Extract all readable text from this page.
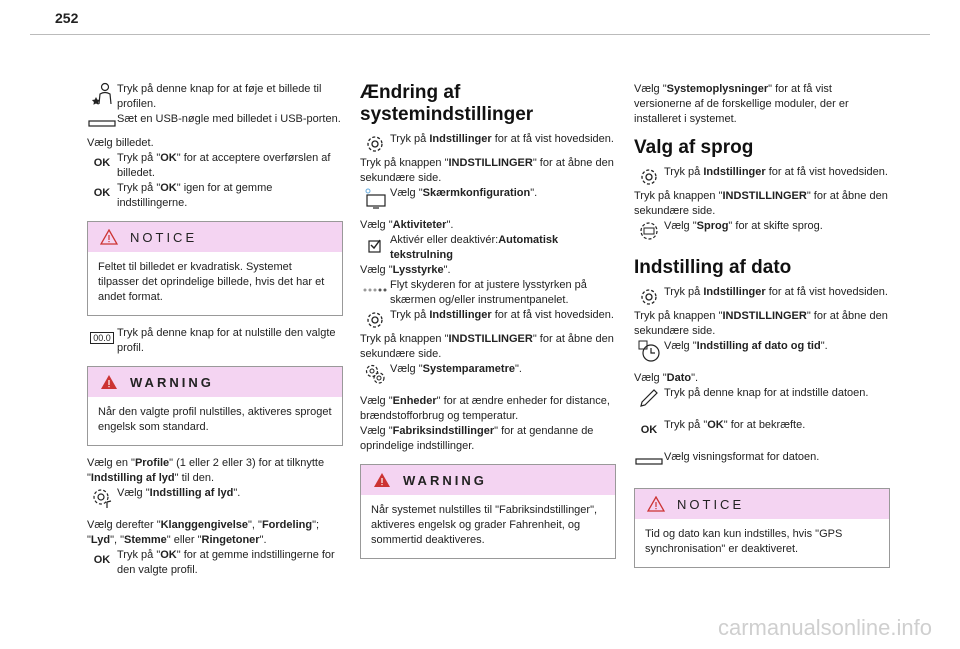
252

Tryk på denne knap for at føje et billede til profilen.

Sæt en USB-nøgle med billedet i USB-porten.

Vælg billedet.

OK Tryk på "OK" for at acceptere overførslen af billedet.

OK Tryk på "OK" igen for at gemme indstillingerne.

NOTICE
Feltet til billedet er kvadratisk. Systemet tilpasser det oprindelige billede, hvis det har et andet format.
00.0 Tryk på denne knap for at nulstille den valgte profil.

WARNING
Når den valgte profil nulstilles, aktiveres sproget engelsk som standard.

Vælg en "Profile" (1 eller 2 eller 3) for at tilknytte "Indstilling af lyd" til den.

Vælg "Indstilling af lyd".

Vælg derefter "Klanggengivelse", "Fordeling"; "Lyd", "Stemme" eller "Ringetoner".

OK Tryk på "OK" for at gemme indstillingerne for den valgte profil.

Ændring af systemindstillinger

Tryk på Indstillinger for at få vist hovedsiden.

Tryk på knappen "INDSTILLINGER" for at åbne den sekundære side.

Vælg "Skærmkonfiguration".

Vælg "Aktiviteter".

Aktivér eller deaktivér:Automatisk tekstrulning

Vælg "Lysstyrke".

Flyt skyderen for at justere lysstyrken på skærmen og/eller instrumentpanelet.

Tryk på Indstillinger for at få vist hovedsiden.

Tryk på knappen "INDSTILLINGER" for at åbne den sekundære side.

Vælg "Systemparametre".

Vælg "Enheder" for at ændre enheder for distance, brændstofforbrug og temperatur.

Vælg "Fabriksindstillinger" for at gendanne de oprindelige indstillinger.

WARNING
Når systemet nulstilles til "Fabriksindstillinger", aktiveres engelsk og grader Fahrenheit, og sommertid deaktiveres.

Vælg "Systemoplysninger" for at få vist versionerne af de forskellige moduler, der er installeret i systemet.

Valg af sprog

Tryk på Indstillinger for at få vist hovedsiden.

Tryk på knappen "INDSTILLINGER" for at åbne den sekundære side.

Vælg "Sprog" for at skifte sprog.

Indstilling af dato

Tryk på Indstillinger for at få vist hovedsiden.

Tryk på knappen "INDSTILLINGER" for at åbne den sekundære side.

Vælg "Indstilling af dato og tid".

Vælg "Dato".

Tryk på denne knap for at indstille datoen.

OK Tryk på "OK" for at bekræfte.

Vælg visningsformat for datoen.

NOTICE
Tid og dato kan kun indstilles, hvis "GPS synchronisation" er deaktiveret.
carmanualsonline.info
